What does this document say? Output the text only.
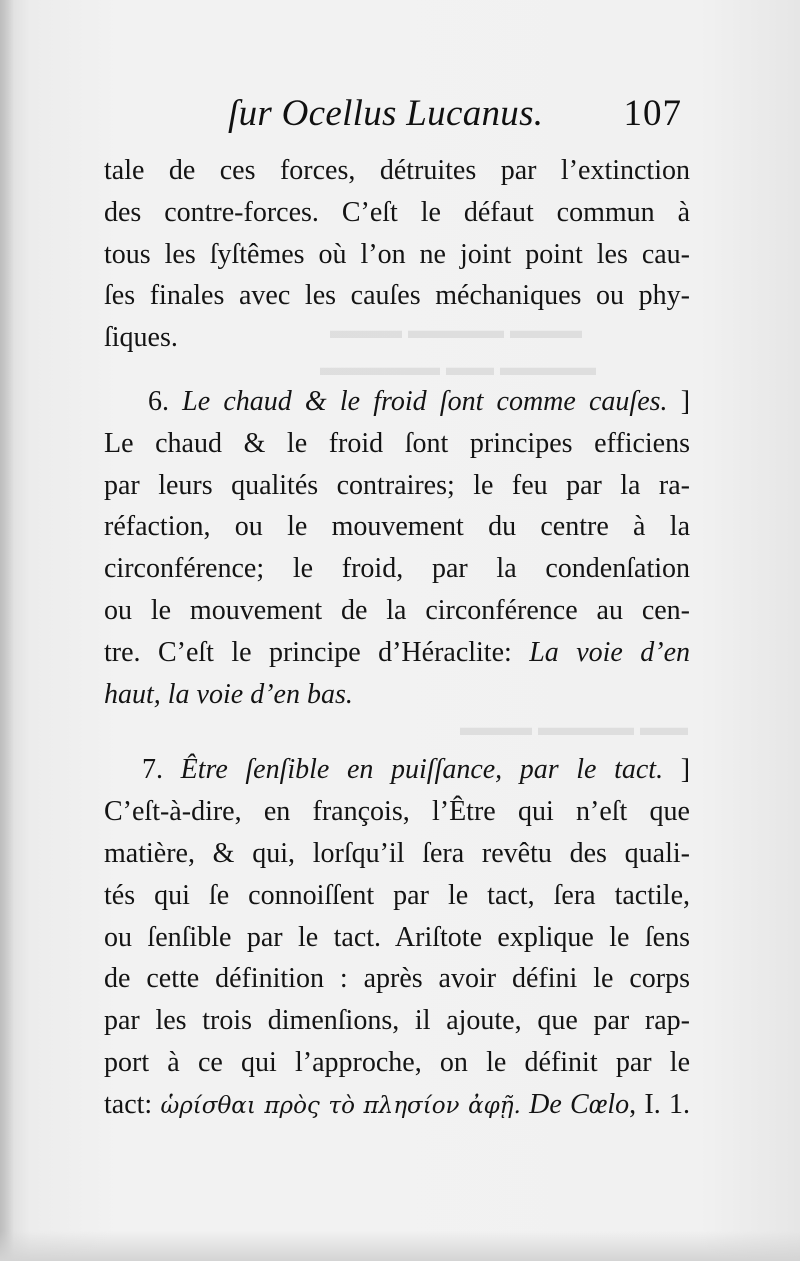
▬▬▬ ▬▬▬▬ ▬▬▬
▬▬▬▬ ▬▬ ▬▬▬▬▬
▬▬ ▬▬▬▬ ▬▬▬
ſur Ocellus Lucanus. 107
tale de ces forces, détruites par l’extinction
des contre-forces. C’eſt le défaut commun à
tous les ſyſtêmes où l’on ne joint point les cau-
ſes finales avec les cauſes méchaniques ou phy-
ſiques.
6. Le chaud & le froid ſont comme cauſes. ]
Le chaud & le froid ſont principes efficiens
par leurs qualités contraires; le feu par la ra-
réfaction, ou le mouvement du centre à la
circonférence; le froid, par la condenſation
ou le mouvement de la circonférence au cen-
tre. C’eſt le principe d’Héraclite: La voie d’en
haut, la voie d’en bas.
7. Être ſenſible en puiſſance, par le tact. ]
C’eſt-à-dire, en françois, l’Être qui n’eſt que
matière, & qui, lorſqu’il ſera revêtu des quali-
tés qui ſe connoiſſent par le tact, ſera tactile,
ou ſenſible par le tact. Ariſtote explique le ſens
de cette définition : après avoir défini le corps
par les trois dimenſions, il ajoute, que par rap-
port à ce qui l’approche, on le définit par le
tact: ὡρίσθαι πρὸς τὸ πλησίον ἀφῇ. De Cœlo, I. 1.
